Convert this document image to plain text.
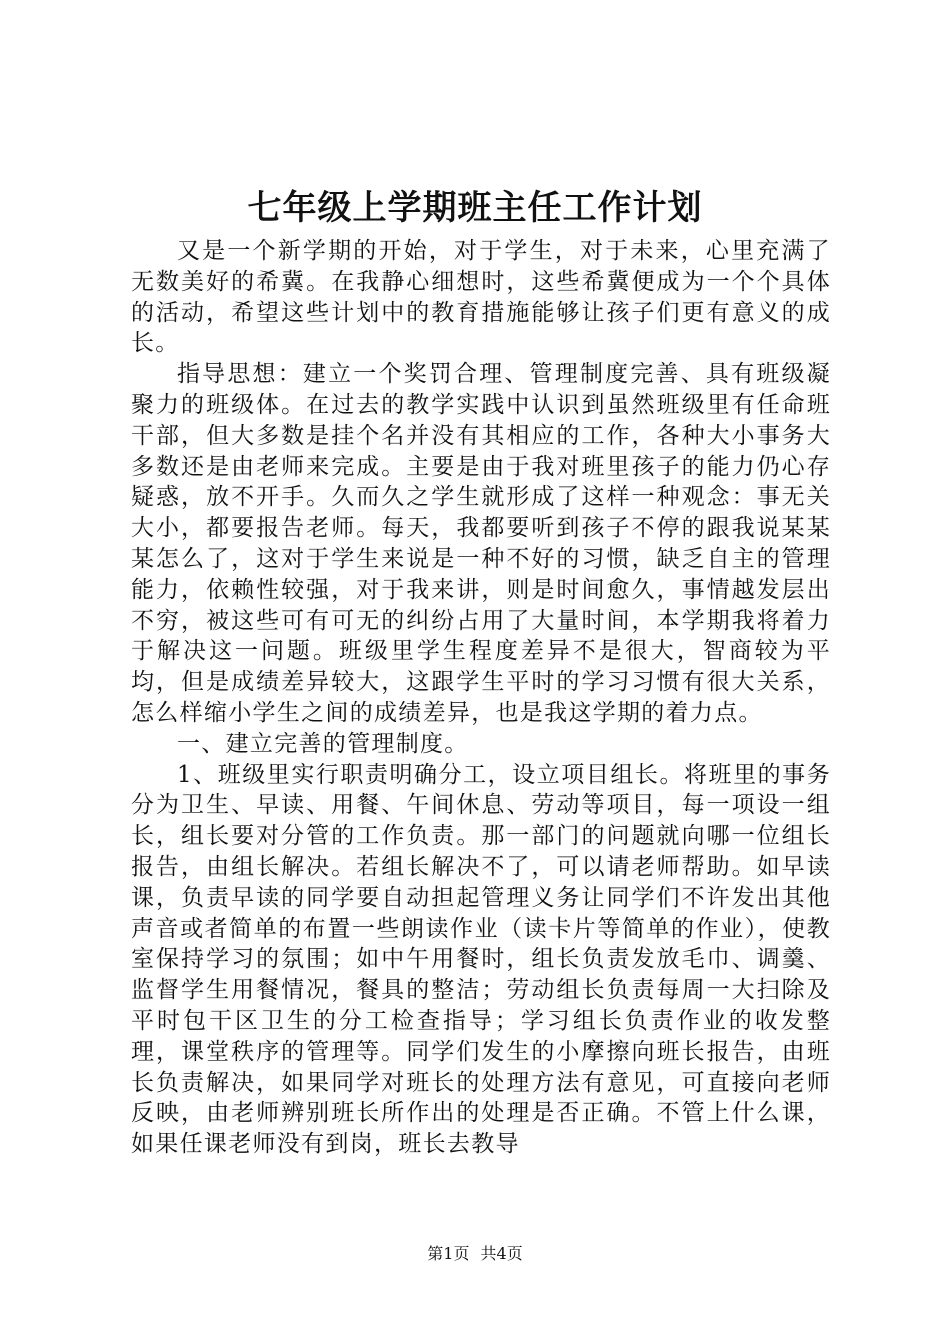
七年级上学期班主任工作计划

又是一个新学期的开始，对于学生，对于未来，心里充满了无数美好的希冀。在我静心细想时，这些希冀便成为一个个具体的活动，希望这些计划中的教育措施能够让孩子们更有意义的成长。

指导思想：建立一个奖罚合理、管理制度完善、具有班级凝聚力的班级体。在过去的教学实践中认识到虽然班级里有任命班干部，但大多数是挂个名并没有其相应的工作，各种大小事务大多数还是由老师来完成。主要是由于我对班里孩子的能力仍心存疑惑，放不开手。久而久之学生就形成了这样一种观念：事无关大小，都要报告老师。每天，我都要听到孩子不停的跟我说某某某怎么了，这对于学生来说是一种不好的习惯，缺乏自主的管理能力，依赖性较强，对于我来讲，则是时间愈久，事情越发层出不穷，被这些可有可无的纠纷占用了大量时间，本学期我将着力于解决这一问题。班级里学生程度差异不是很大，智商较为平均，但是成绩差异较大，这跟学生平时的学习习惯有很大关系，怎么样缩小学生之间的成绩差异，也是我这学期的着力点。

一、建立完善的管理制度。

1、班级里实行职责明确分工，设立项目组长。将班里的事务分为卫生、早读、用餐、午间休息、劳动等项目，每一项设一组长，组长要对分管的工作负责。那一部门的问题就向哪一位组长报告，由组长解决。若组长解决不了，可以请老师帮助。如早读课，负责早读的同学要自动担起管理义务让同学们不许发出其他声音或者简单的布置一些朗读作业（读卡片等简单的作业），使教室保持学习的氛围；如中午用餐时，组长负责发放毛巾、调羹、监督学生用餐情况，餐具的整洁；劳动组长负责每周一大扫除及平时包干区卫生的分工检查指导；学习组长负责作业的收发整理，课堂秩序的管理等。同学们发生的小摩擦向班长报告，由班长负责解决，如果同学对班长的处理方法有意见，可直接向老师反映，由老师辨别班长所作出的处理是否正确。不管上什么课，如果任课老师没有到岗，班长去教导

第1页 共4页
